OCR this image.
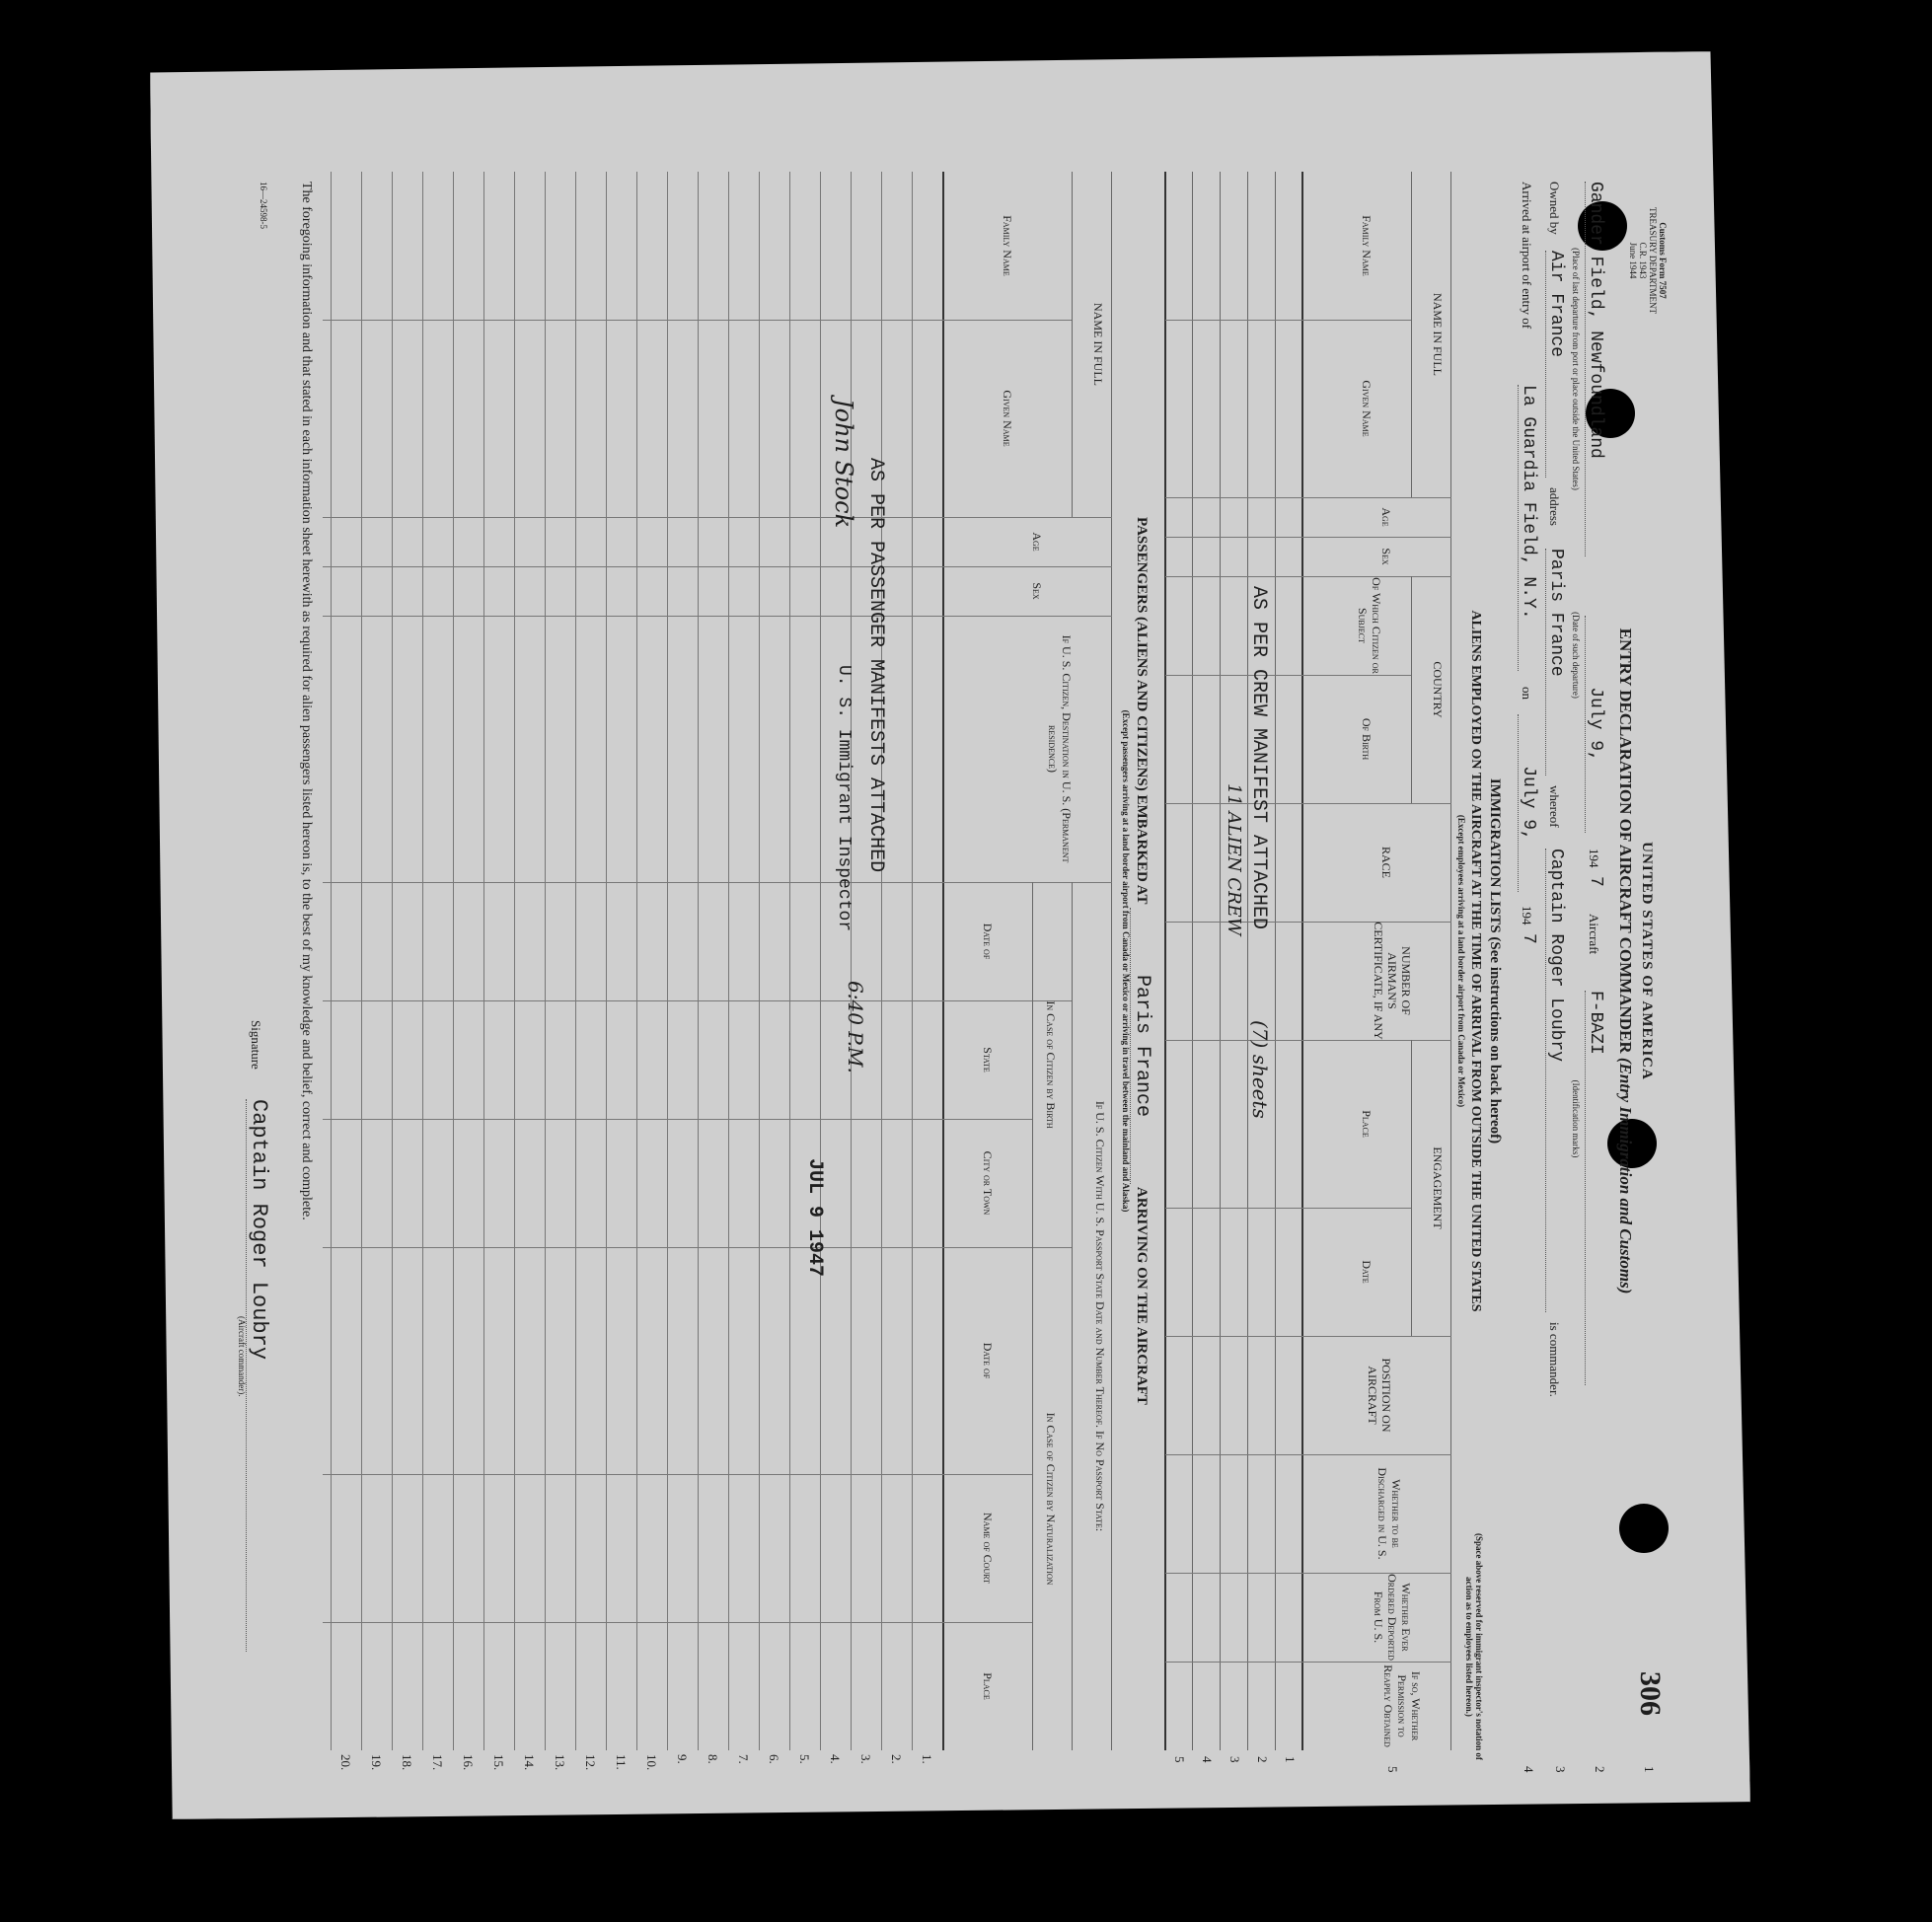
Customs Form 7507
TREASURY DEPARTMENT
C.R. 1943
June 1944
UNITED STATES OF AMERICA
ENTRY DECLARATION OF AIRCRAFT COMMANDER (Entry Immigration and Customs)
306
Gander Field, Newfoundland
July 9,
194
7
Aircraft
F-BAZI
(Place of last departure from port or place outside the United States)
(Date of such departure)
(Identification marks)
Owned by
Air France
address
Paris France
whereof
Captain Roger Loubry
is commander.
Arrived at airport of entry of
La Guardia Field, N.Y.
on
July 9,
194
7
1
2
3
4
5
IMMIGRATION LISTS (See instructions on back hereof)
ALIENS EMPLOYED ON THE AIRCRAFT AT THE TIME OF ARRIVAL FROM OUTSIDE THE UNITED STATES
(Except employees arriving at a land border airport from Canada or Mexico)
(Space above reserved for immigrant inspector's notation of action as to employees listed hereon.)
NAME IN FULL
Family Name
Given Name
Age
Sex
COUNTRY
Of Which Citizen or Subject
Of Birth
RACE
NUMBER OF AIRMAN'S CERTIFICATE, IF ANY
ENGAGEMENT
Place
Date
POSITION ON AIRCRAFT
Whether to be Discharged in U. S.
Whether Ever Ordered Deported From U. S.
If so, Whether Permission to Reapply Obtained
1
2
3
4
5
AS PER CREW MANIFEST ATTACHED
(7) sheets
11 ALIEN CREW
PASSENGERS (ALIENS AND CITIZENS) EMBARKED AT Paris France ARRIVING ON THE AIRCRAFT
(Except passengers arriving at a land border airport from Canada or Mexico or arriving in travel between the mainland and Alaska)
NAME IN FULL
Family Name
Given Name
Age
Sex
If U. S. Citizen, Destination in U. S. (Permanent residence)
If U. S. Citizen With U. S. Passport State Date and Number Thereof. If No Passport State:
In Case of Citizen by Birth
In Case of Citizen by Naturalization
Date of
State
City or Town
Date of
Name of Court
Place
1.
2.
3.
4.
5.
6.
7.
8.
9.
10.
11.
12.
13.
14.
15.
16.
17.
18.
19.
20.
AS PER PASSENGER MANIFESTS ATTACHED
John Stock
U. S. Immigrant Inspector
6:40 P.M.
JUL 9 1947
The foregoing information and that stated in each information sheet herewith as required for alien passengers listed hereon is, to the best of my knowledge and belief, correct and complete.
Signature
Captain Roger Loubry
(Aircraft commander).
16—24598-5
